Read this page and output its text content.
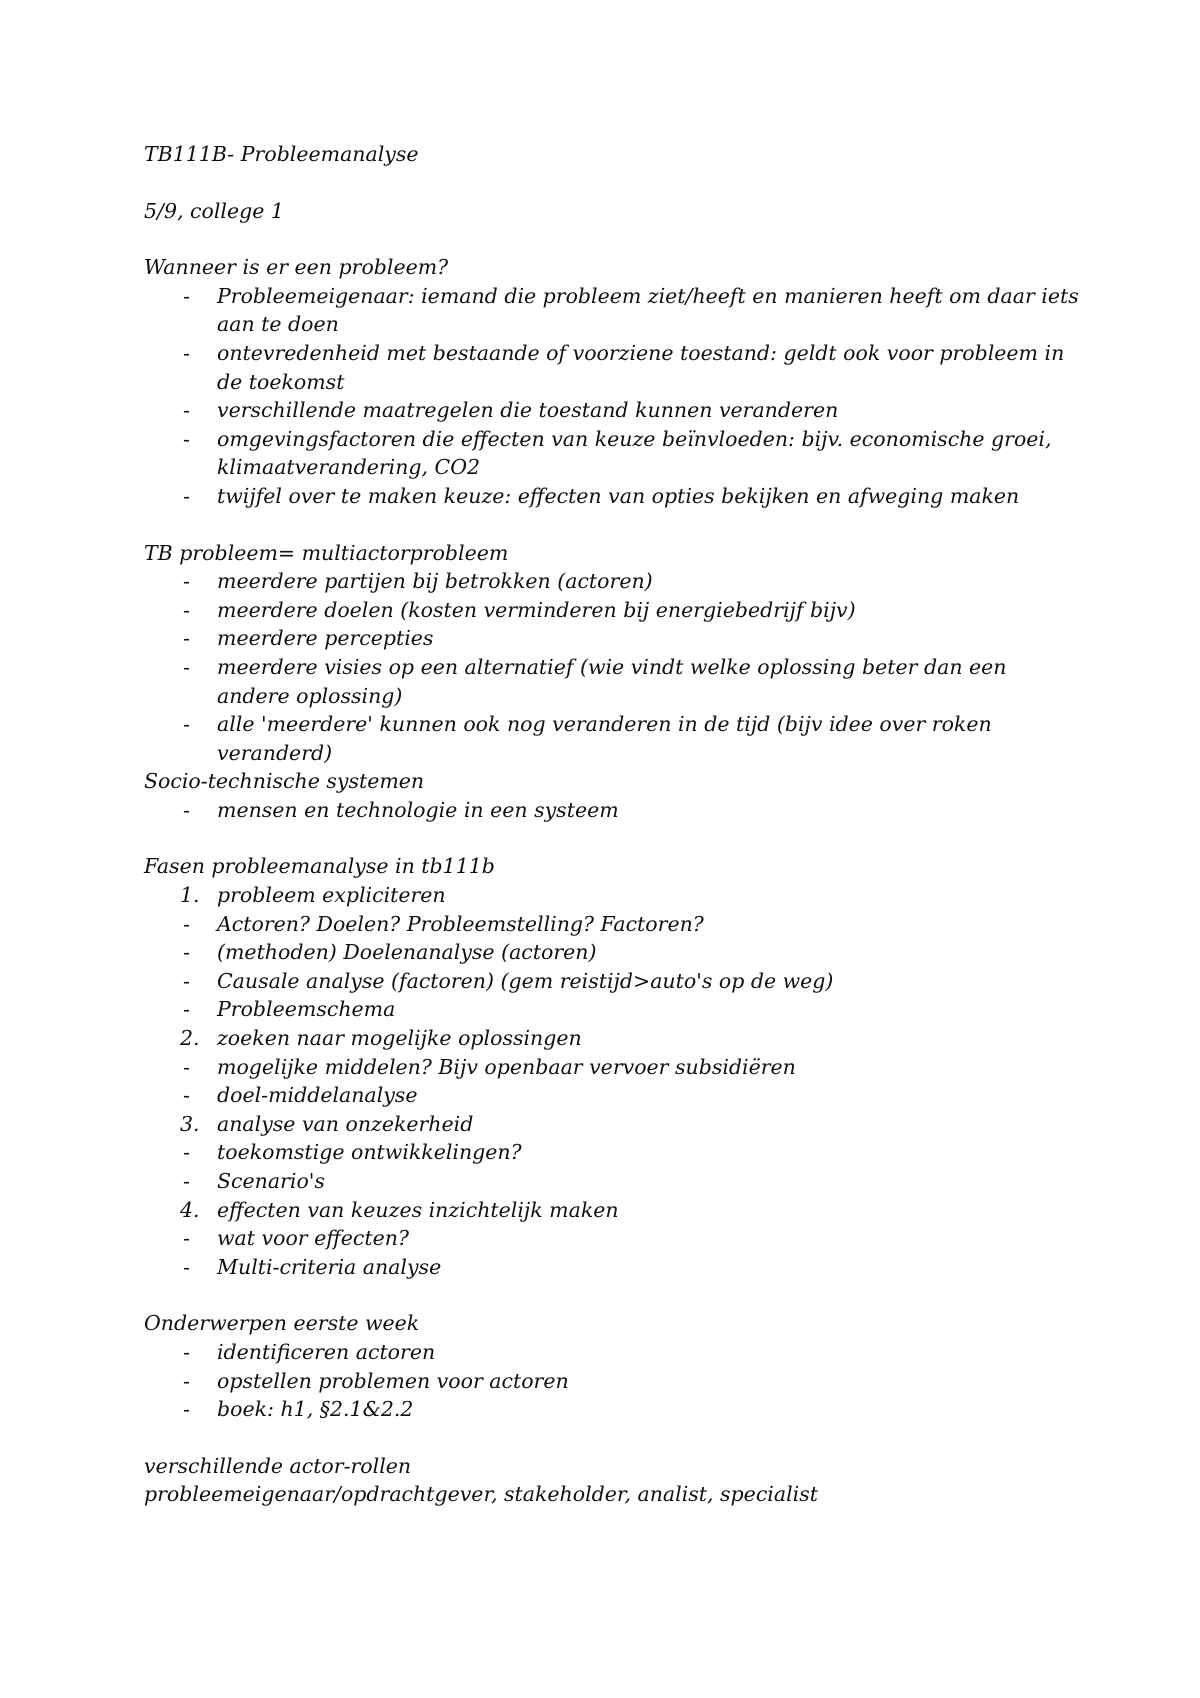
TB111B- Probleemanalyse

5/9, college 1

Wanneer is er een probleem?

- Probleemeigenaar: iemand die probleem ziet/heeft en manieren heeft om daar iets aan te doen
- ontevredenheid met bestaande of voorziene toestand: geldt ook voor probleem in de toekomst
- verschillende maatregelen die toestand kunnen veranderen
- omgevingsfactoren die effecten van keuze beïnvloeden: bijv. economische groei, klimaatverandering, CO2
- twijfel over te maken keuze: effecten van opties bekijken en afweging maken

TB probleem= multiactorprobleem

- meerdere partijen bij betrokken (actoren)
- meerdere doelen (kosten verminderen bij energiebedrijf bijv)
- meerdere percepties
- meerdere visies op een alternatief (wie vindt welke oplossing beter dan een andere oplossing)
- alle 'meerdere' kunnen ook nog veranderen in de tijd (bijv idee over roken veranderd)

Socio-technische systemen

- mensen en technologie in een systeem

Fasen probleemanalyse in tb111b

1. probleem expliciteren
- Actoren? Doelen? Probleemstelling? Factoren?
- (methoden) Doelenanalyse (actoren)
- Causale analyse (factoren) (gem reistijd>auto's op de weg)
- Probleemschema
2. zoeken naar mogelijke oplossingen
- mogelijke middelen? Bijv openbaar vervoer subsidiëren
- doel-middelanalyse
3. analyse van onzekerheid
- toekomstige ontwikkelingen?
- Scenario's
4. effecten van keuzes inzichtelijk maken
- wat voor effecten?
- Multi-criteria analyse

Onderwerpen eerste week

- identificeren actoren
- opstellen problemen voor actoren
- boek: h1, §2.1&2.2

verschillende actor-rollen

probleemeigenaar/opdrachtgever, stakeholder, analist, specialist
